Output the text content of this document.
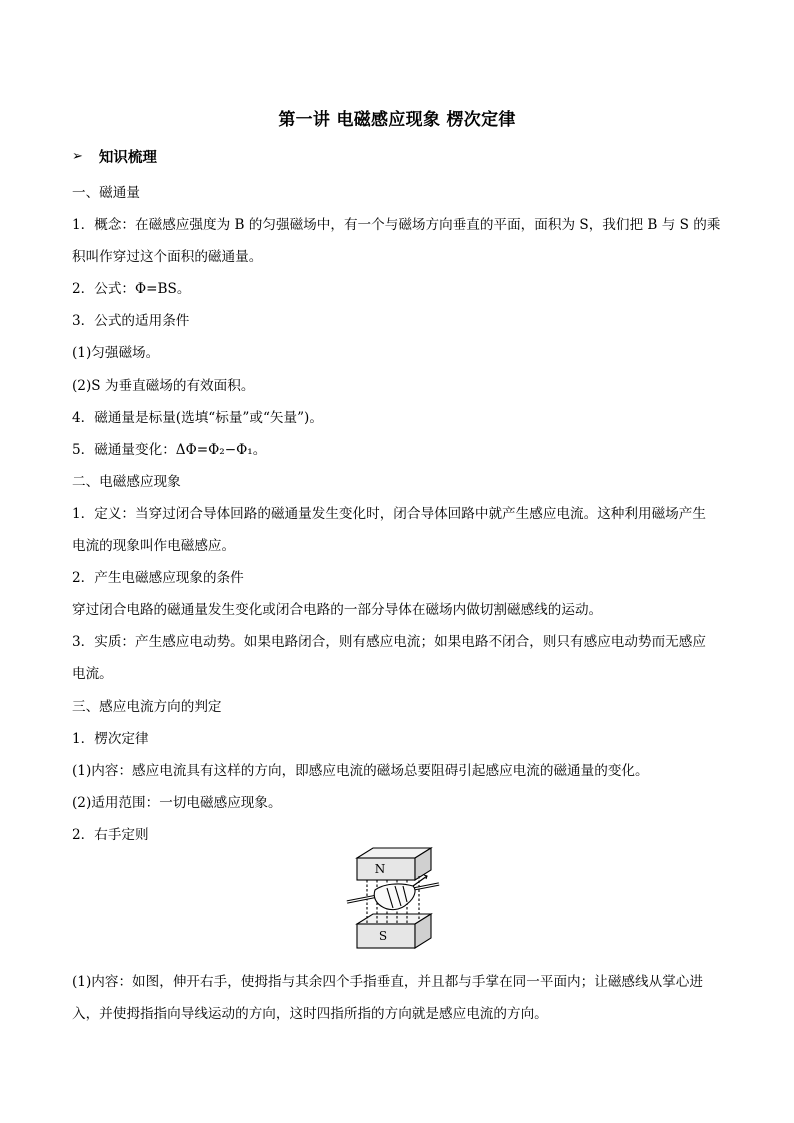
第一讲 电磁感应现象 楞次定律
➢ 知识梳理
一、磁通量
1．概念：在磁感应强度为 B 的匀强磁场中，有一个与磁场方向垂直的平面，面积为 S，我们把 B 与 S 的乘
积叫作穿过这个面积的磁通量。
2．公式：Φ=BS。
3．公式的适用条件
(1)匀强磁场。
(2)S 为垂直磁场的有效面积。
4．磁通量是标量(选填“标量”或“矢量”)。
5．磁通量变化：ΔΦ=Φ₂−Φ₁。
二、电磁感应现象
1．定义：当穿过闭合导体回路的磁通量发生变化时，闭合导体回路中就产生感应电流。这种利用磁场产生
电流的现象叫作电磁感应。
2．产生电磁感应现象的条件
穿过闭合电路的磁通量发生变化或闭合电路的一部分导体在磁场内做切割磁感线的运动。
3．实质：产生感应电动势。如果电路闭合，则有感应电流；如果电路不闭合，则只有感应电动势而无感应
电流。
三、感应电流方向的判定
1．楞次定律
(1)内容：感应电流具有这样的方向，即感应电流的磁场总要阻碍引起感应电流的磁通量的变化。
(2)适用范围：一切电磁感应现象。
2．右手定则
N
S
(1)内容：如图，伸开右手，使拇指与其余四个手指垂直，并且都与手掌在同一平面内；让磁感线从掌心进
入，并使拇指指向导线运动的方向，这时四指所指的方向就是感应电流的方向。
